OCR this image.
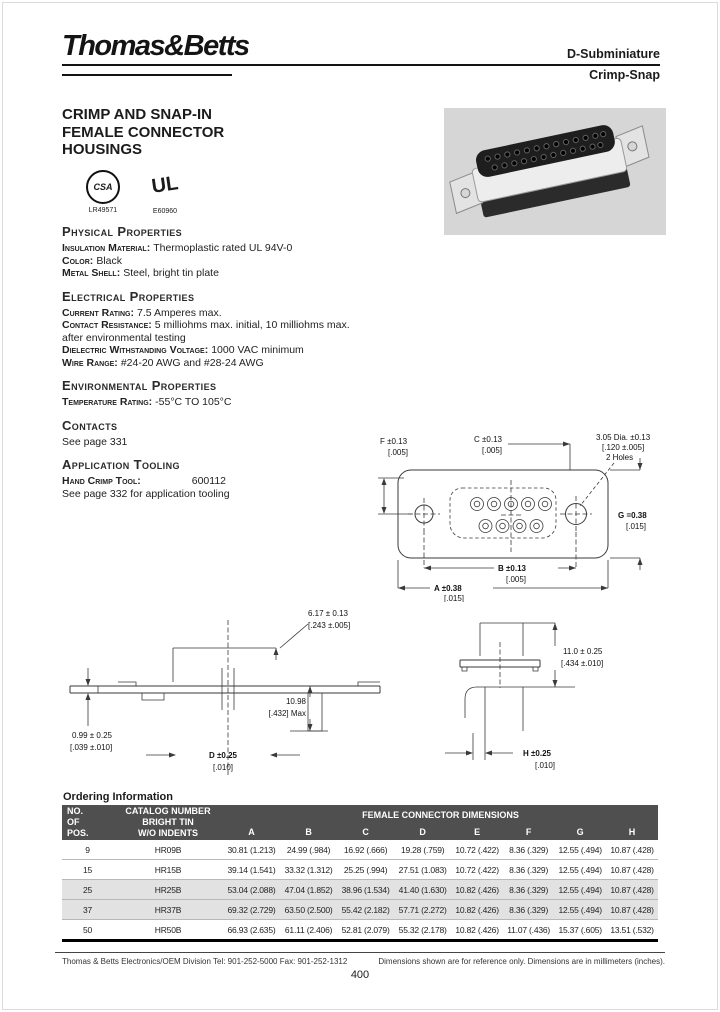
Thomas&Betts	D-Subminiature
Crimp-Snap
CRIMP AND SNAP-IN
FEMALE CONNECTOR
HOUSINGS
CSA
LR49571
UL
E60960
Physical Properties
Insulation Material: Thermoplastic rated UL 94V-0
Color: Black
Metal Shell: Steel, bright tin plate
Electrical Properties
Current Rating: 7.5 Amperes max.
Contact Resistance: 5 milliohms max. initial, 10 milliohms max. after environmental testing
Dielectric Withstanding Voltage: 1000 VAC minimum
Wire Range: #24-20 AWG and #28-24 AWG
Environmental Properties
Temperature Rating: -55°C TO 105°C
Contacts
See page 331
Application Tooling
Hand Crimp Tool:	600112
See page 332 for application tooling
C ±0.13
[.005]
F ±0.13
[.005]
3.05 Dia. ±0.13
[.120 ±.005]
2 Holes
G =0.38
[.015]
B ±0.13
[.005]
A ±0.38
[.015]
6.17 ± 0.13
[.243 ±.005]
10.98
[.432] Max
0.99 ± 0.25
[.039 ±.010]
D ±0.25
[.010]
11.0 ± 0.25
[.434 ±.010]
H ±0.25
[.010]
Ordering Information
NO.
OF
POS.

CATALOG NUMBER
BRIGHT TIN
W/O INDENTS
	FEMALE CONNECTOR DIMENSIONS
		A	B	C	D	E	F	G	H
9	HR09B	30.81 (1.213)	24.99 (.984)	16.92 (.666)	19.28 (.759)	10.72 (.422)	8.36 (.329)	12.55 (.494)	10.87 (.428)
15	HR15B	39.14 (1.541)	33.32 (1.312)	25.25 (.994)	27.51 (1.083)	10.72 (.422)	8.36 (.329)	12.55 (.494)	10.87 (.428)
25	HR25B	53.04 (2.088)	47.04 (1.852)	38.96 (1.534)	41.40 (1.630)	10.82 (.426)	8.36 (.329)	12.55 (.494)	10.87 (.428)
37	HR37B	69.32 (2.729)	63.50 (2.500)	55.42 (2.182)	57.71 (2.272)	10.82 (.426)	8.36 (.329)	12.55 (.494)	10.87 (.428)
50	HR50B	66.93 (2.635)	61.11 (2.406)	52.81 (2.079)	55.32 (2.178)	10.82 (.426)	11.07 (.436)	15.37 (.605)	13.51 (.532)
Thomas & Betts Electronics/OEM Division Tel: 901-252-5000 Fax: 901-252-1312	Dimensions shown are for reference only. Dimensions are in millimeters (inches).
400
